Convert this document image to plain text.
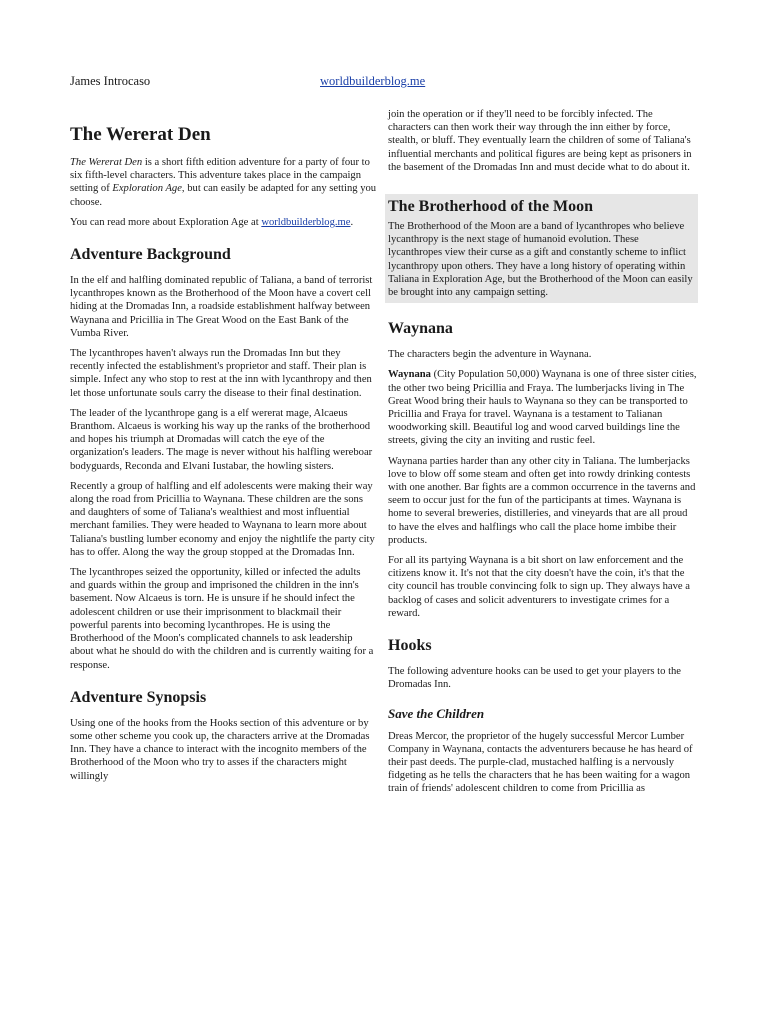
James Introcaso	worldbuilderblog.me
The Wererat Den

The Wererat Den is a short fifth edition adventure for a party of four to six fifth-level characters. This adventure takes place in the campaign setting of Exploration Age, but can easily be adapted for any setting you choose.

You can read more about Exploration Age at worldbuilderblog.me.

Adventure Background

In the elf and halfling dominated republic of Taliana, a band of terrorist lycanthropes known as the Brotherhood of the Moon have a covert cell hiding at the Dromadas Inn, a roadside establishment halfway between Waynana and Pricillia in The Great Wood on the East Bank of the Vumba River.

The lycanthropes haven't always run the Dromadas Inn but they recently infected the establishment's proprietor and staff. Their plan is simple. Infect any who stop to rest at the inn with lycanthropy and then let those unfortunate souls carry the disease to their final destination.

The leader of the lycanthrope gang is a elf wererat mage, Alcaeus Branthom. Alcaeus is working his way up the ranks of the brotherhood and hopes his triumph at Dromadas will catch the eye of the organization's leaders. The mage is never without his halfling wereboar bodyguards, Reconda and Elvani Iustabar, the howling sisters.

Recently a group of halfling and elf adolescents were making their way along the road from Pricillia to Waynana. These children are the sons and daughters of some of Taliana's wealthiest and most influential merchant families. They were headed to Waynana to learn more about Taliana's bustling lumber economy and enjoy the nightlife the party city has to offer. Along the way the group stopped at the Dromadas Inn.

The lycanthropes seized the opportunity, killed or infected the adults and guards within the group and imprisoned the children in the inn's basement. Now Alcaeus is torn. He is unsure if he should infect the adolescent children or use their imprisonment to blackmail their powerful parents into becoming lycanthropes. He is using the Brotherhood of the Moon's complicated channels to ask leadership about what he should do with the children and is currently waiting for a response.

Adventure Synopsis

Using one of the hooks from the Hooks section of this adventure or by some other scheme you cook up, the characters arrive at the Dromadas Inn. They have a chance to interact with the incognito members of the Brotherhood of the Moon who try to asses if the characters might willingly

join the operation or if they'll need to be forcibly infected. The characters can then work their way through the inn either by force, stealth, or bluff. They eventually learn the children of some of Taliana's influential merchants and political figures are being kept as prisoners in the basement of the Dromadas Inn and must decide what to do about it.

The Brotherhood of the Moon

The Brotherhood of the Moon are a band of lycanthropes who believe lycanthropy is the next stage of humanoid evolution. These lycanthropes view their curse as a gift and constantly scheme to inflict lycanthropy upon others. They have a long history of operating within Taliana in Exploration Age, but the Brotherhood of the Moon can easily be brought into any campaign setting.

Waynana

The characters begin the adventure in Waynana.

Waynana (City Population 50,000) Waynana is one of three sister cities, the other two being Pricillia and Fraya. The lumberjacks living in The Great Wood bring their hauls to Waynana so they can be transported to Pricillia and Fraya for travel. Waynana is a testament to Talianan woodworking skill. Beautiful log and wood carved buildings line the streets, giving the city an inviting and rustic feel.

Waynana parties harder than any other city in Taliana. The lumberjacks love to blow off some steam and often get into rowdy drinking contests with one another. Bar fights are a common occurrence in the taverns and seem to occur just for the fun of the participants at times. Waynana is home to several breweries, distilleries, and vineyards that are all proud to have the elves and halflings who call the place home imbibe their products.

For all its partying Waynana is a bit short on law enforcement and the citizens know it. It's not that the city doesn't have the coin, it's that the city council has trouble convincing folk to sign up. They always have a backlog of cases and solicit adventurers to investigate crimes for a reward.

Hooks

The following adventure hooks can be used to get your players to the Dromadas Inn.

Save the Children

Dreas Mercor, the proprietor of the hugely successful Mercor Lumber Company in Waynana, contacts the adventurers because he has heard of their past deeds. The purple-clad, mustached halfling is a nervously fidgeting as he tells the characters that he has been waiting for a wagon train of friends' adolescent children to come from Pricillia as
